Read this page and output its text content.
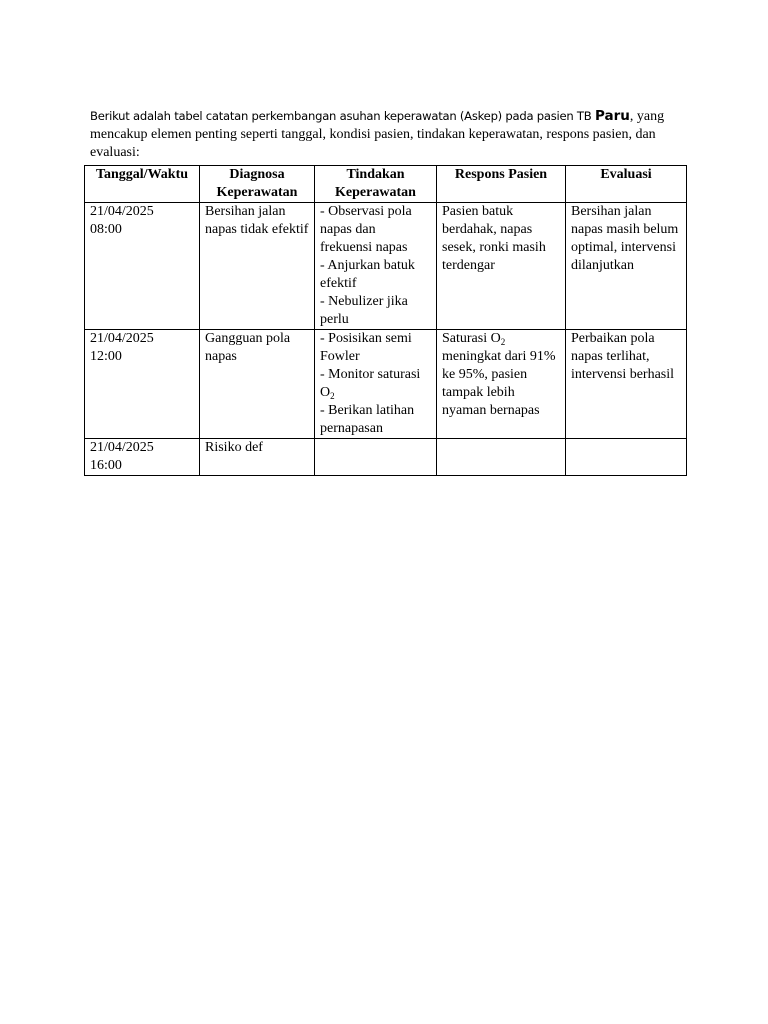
Berikut adalah tabel catatan perkembangan asuhan keperawatan (Askep) pada pasien TB Paru, yang mencakup elemen penting seperti tanggal, kondisi pasien, tindakan keperawatan, respons pasien, dan evaluasi:

Tanggal/Waktu	Diagnosa Keperawatan	Tindakan Keperawatan	Respons Pasien	Evaluasi

21/04/2025
08:00	Bersihan jalan napas tidak efektif	- Observasi pola napas dan frekuensi napas
- Anjurkan batuk efektif
- Nebulizer jika perlu	Pasien batuk berdahak, napas sesek, ronki masih terdengar	Bersihan jalan napas masih belum optimal, intervensi dilanjutkan

21/04/2025
12:00	Gangguan pola napas	- Posisikan semi Fowler
- Monitor saturasi $O_2$
- Berikan latihan pernapasan	Saturasi $O_2$ meningkat dari 91% ke 95%, pasien tampak lebih nyaman bernapas	Perbaikan pola napas terlihat, intervensi berhasil

21/04/2025
16:00	Risiko def			
